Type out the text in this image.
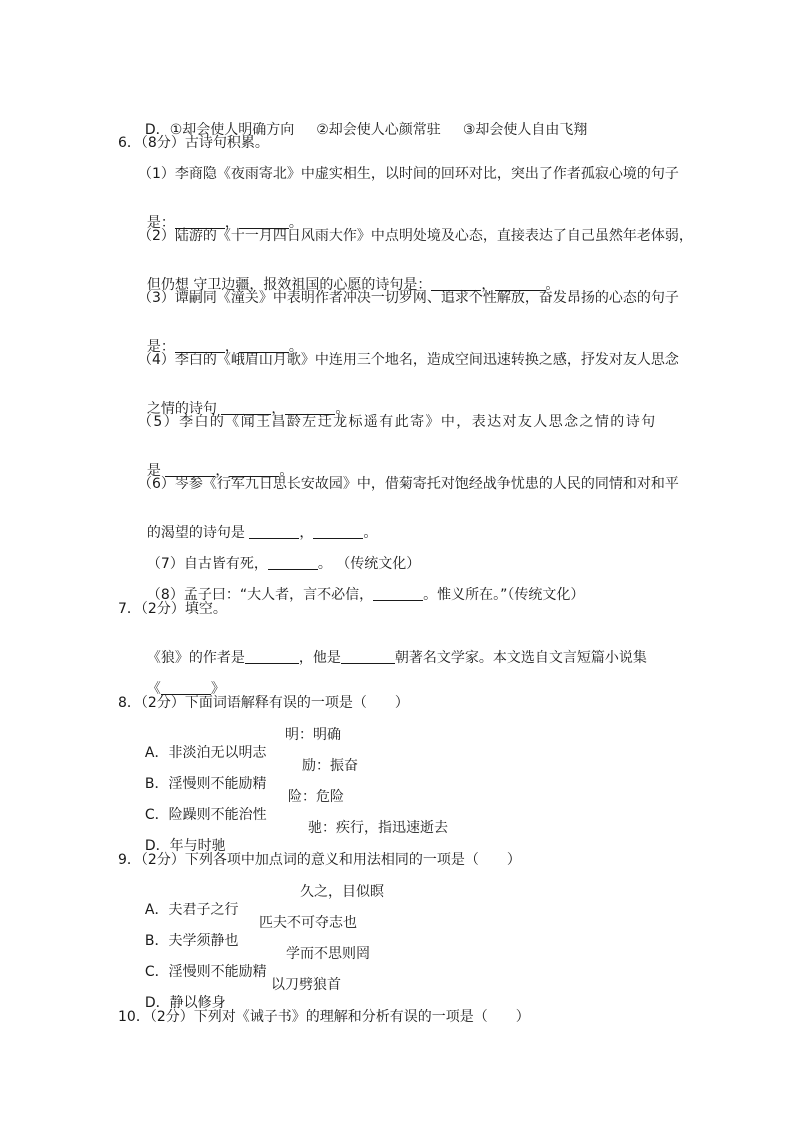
D．①却会使人明确方向 ②却会使人心颜常驻 ③却会使人自由飞翔

6．（8分）古诗句积累。
（1）李商隐《夜雨寄北》中虚实相生，以时间的回环对比，突出了作者孤寂心境的句子

是：	，	。

（2）陆游的《十一月四日风雨大作》中点明处境及心态，直接表达了自己虽然年老体弱，

但仍想 守卫边疆，报效祖国的心愿的诗句是：	，	。

（3）谭嗣同《潼关》中表明作者冲决一切罗网、追求个性解放，奋发昂扬的心态的句子

是：	，	。

（4）李白的《峨眉山月歌》中连用三个地名，造成空间迅速转换之感，抒发对友人思念

之情的诗句	，	。

（5）李白的《闻王昌龄左迁龙标遥有此寄》中，表达对友人思念之情的诗句

是	，	。

（6）岑参《行军九日思长安故园》中，借菊寄托对饱经战争忧患的人民的同情和对和平

的渴望的诗句是	，	。

（7）自古皆有死，	。 （传统文化）

（8）孟子曰：“大人者，言不必信，	。惟义所在。”（传统文化）

7．（2分）填空。

《狼》的作者是	，他是	朝著名文学家。本文选自文言短篇小说集

《	》

8．（2分）下面词语解释有误的一项是（　　）

A．非淡泊无以明志

明：明确

B．淫慢则不能励精

励：振奋

C．险躁则不能治性

险：危险

D．年与时驰

驰：疾行，指迅速逝去
9．（2分）下列各项中加点词的意义和用法相同的一项是（　　）

A．夫君子之行

久之，目似瞑

B．夫学须静也

匹夫不可夺志也

C．淫慢则不能励精

学而不思则罔

D．静以修身

以刀劈狼首
10．（2分）下列对《诫子书》的理解和分析有误的一项是（　　）
